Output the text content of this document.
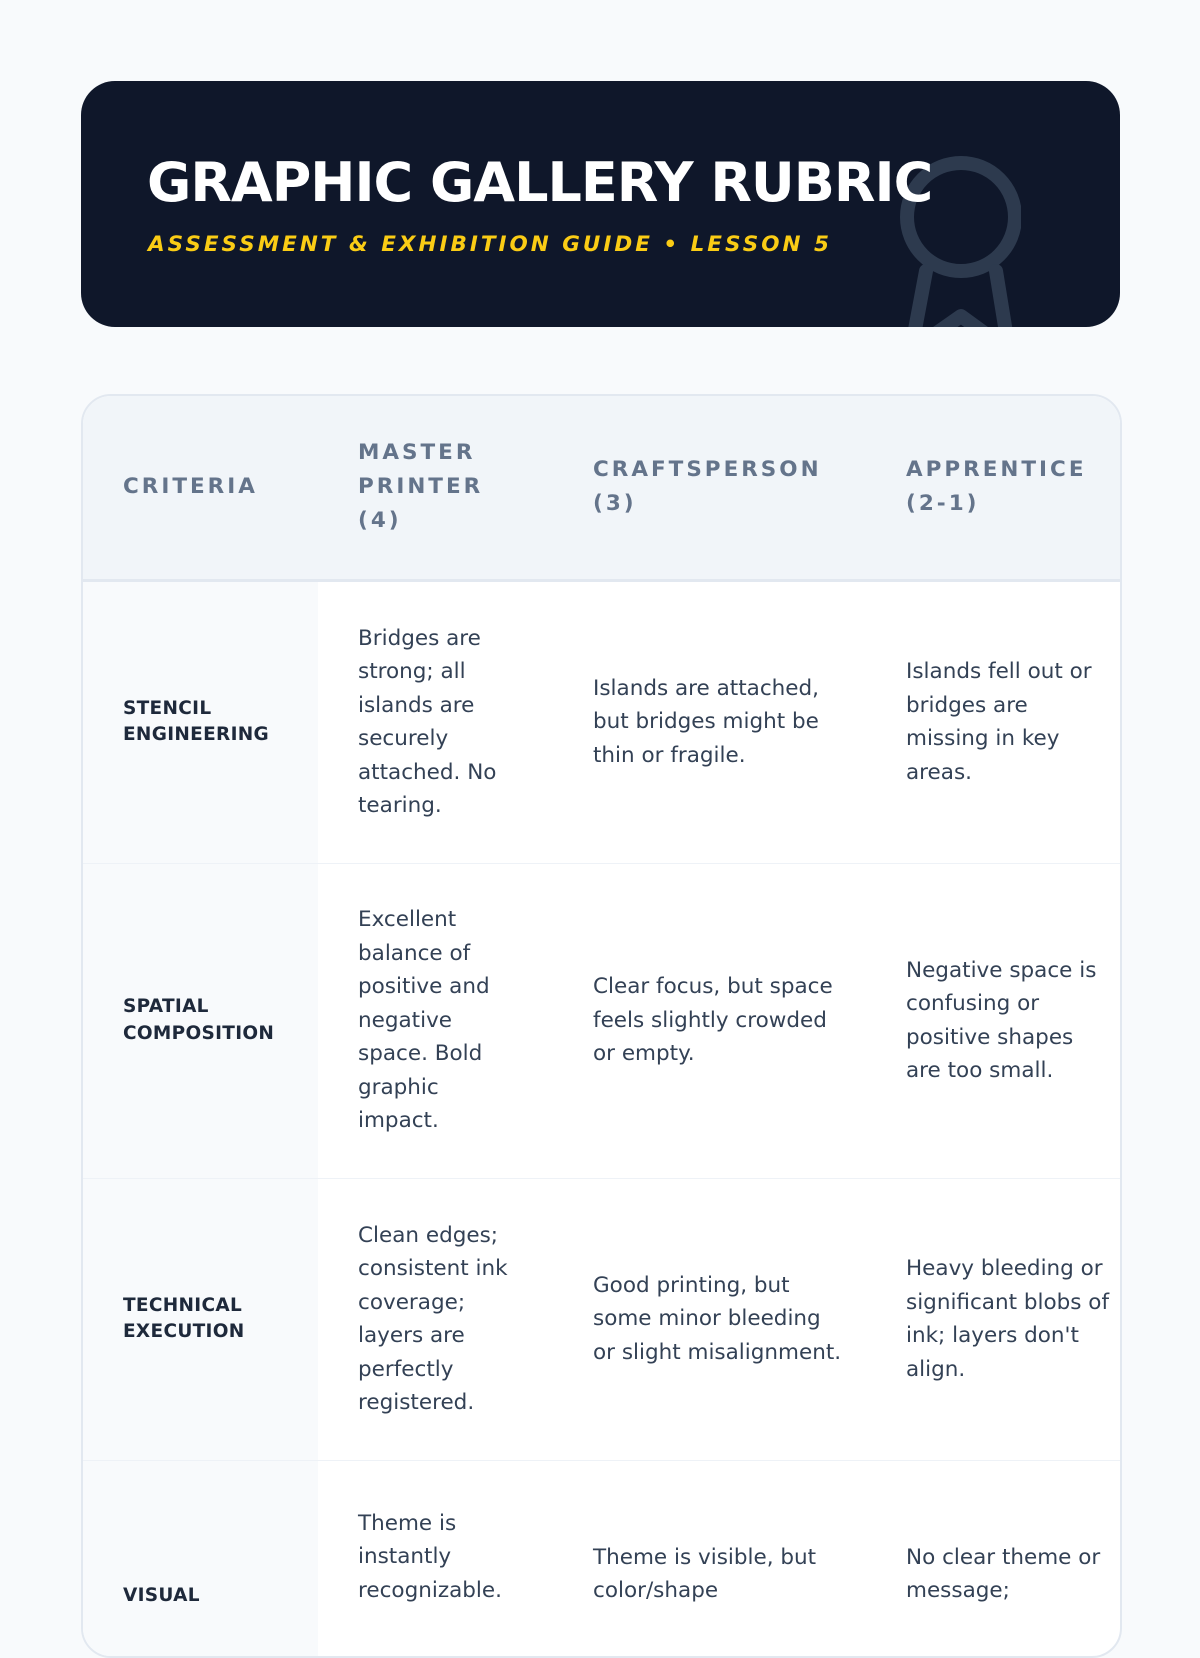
GRAPHIC GALLERY RUBRIC

ASSESSMENT & EXHIBITION GUIDE • LESSON 5

CRITERIA	MASTER PRINTER (4)	CRAFTSPERSON (3)	APPRENTICE (2-1)
STENCIL ENGINEERING	Bridges are strong; all islands are securely attached. No tearing.	Islands are attached, but bridges might be thin or fragile.	Islands fell out or bridges are missing in key areas.
SPATIAL COMPOSITION	Excellent balance of positive and negative space. Bold graphic impact.	Clear focus, but space feels slightly crowded or empty.	Negative space is confusing or positive shapes are too small.
TECHNICAL EXECUTION	Clean edges; consistent ink coverage; layers are perfectly registered.	Good printing, but some minor bleeding or slight misalignment.	Heavy bleeding or significant blobs of ink; layers don't align.
VISUAL	Theme is instantly recognizable.	Theme is visible, but color/shape	No clear theme or message;
